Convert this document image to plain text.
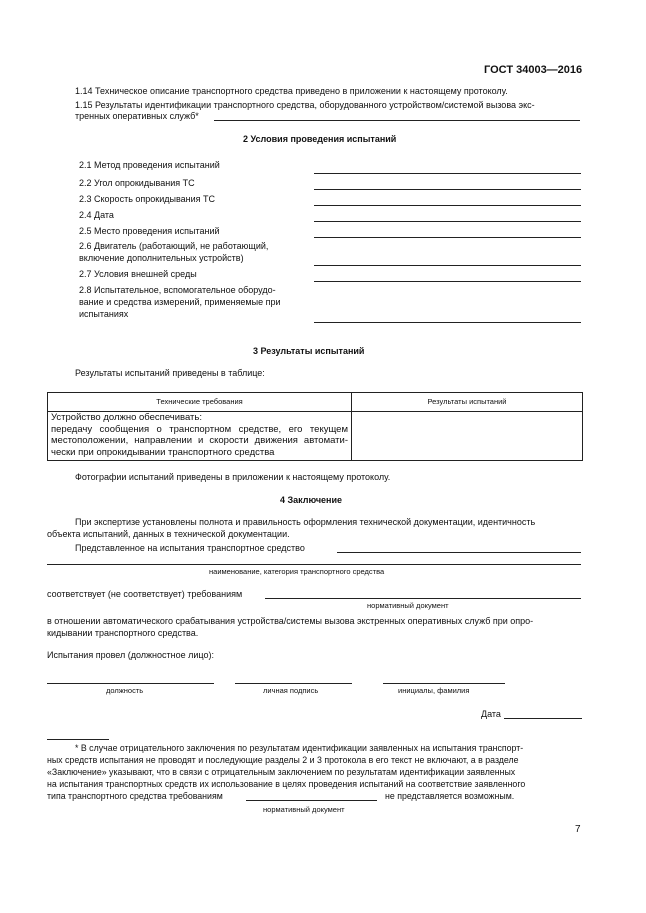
ГОСТ 34003—2016
1.14 Техническое описание транспортного средства приведено в приложении к настоящему протоколу.
1.15 Результаты идентификации транспортного средства, оборудованного устройством/системой вызова экс-
тренных оперативных служб*
2 Условия проведения испытаний
2.1 Метод проведения испытаний
2.2 Угол опрокидывания ТС
2.3 Скорость опрокидывания ТС
2.4 Дата
2.5 Место проведения испытаний
2.6 Двигатель (работающий, не работающий,
включение дополнительных устройств)
2.7 Условия внешней среды
2.8 Испытательное, вспомогательное оборудо-
вание и средства измерений, применяемые при
испытаниях
3 Результаты испытаний
Результаты испытаний приведены в таблице:
Технические требования	Результаты испытаний

Устройство должно обеспечивать:
передачу сообщения о транспортном средстве, его текущем
местоположении, направлении и скорости движения автомати-
чески при опрокидывании транспортного средства	

Фотографии испытаний приведены в приложении к настоящему протоколу.
4 Заключение
При экспертизе установлены полнота и правильность оформления технической документации, идентичность
объекта испытаний, данных в технической документации.
Представленное на испытания транспортное средство
наименование, категория транспортного средства
соответствует (не соответствует) требованиям
нормативный документ
в отношении автоматического срабатывания устройства/системы вызова экстренных оперативных служб при опро-
кидывании транспортного средства.
Испытания провел (должностное лицо):
должность	личная подпись	инициалы, фамилия
Дата
* В случае отрицательного заключения по результатам идентификации заявленных на испытания транспорт-
ных средств испытания не проводят и последующие разделы 2 и 3 протокола в его текст не включают, а в разделе
«Заключение» указывают, что в связи с отрицательным заключением по результатам идентификации заявленных
на испытания транспортных средств их использование в целях проведения испытаний на соответствие заявленного
типа транспортного средства требованиям	не представляется возможным.
нормативный документ
7
